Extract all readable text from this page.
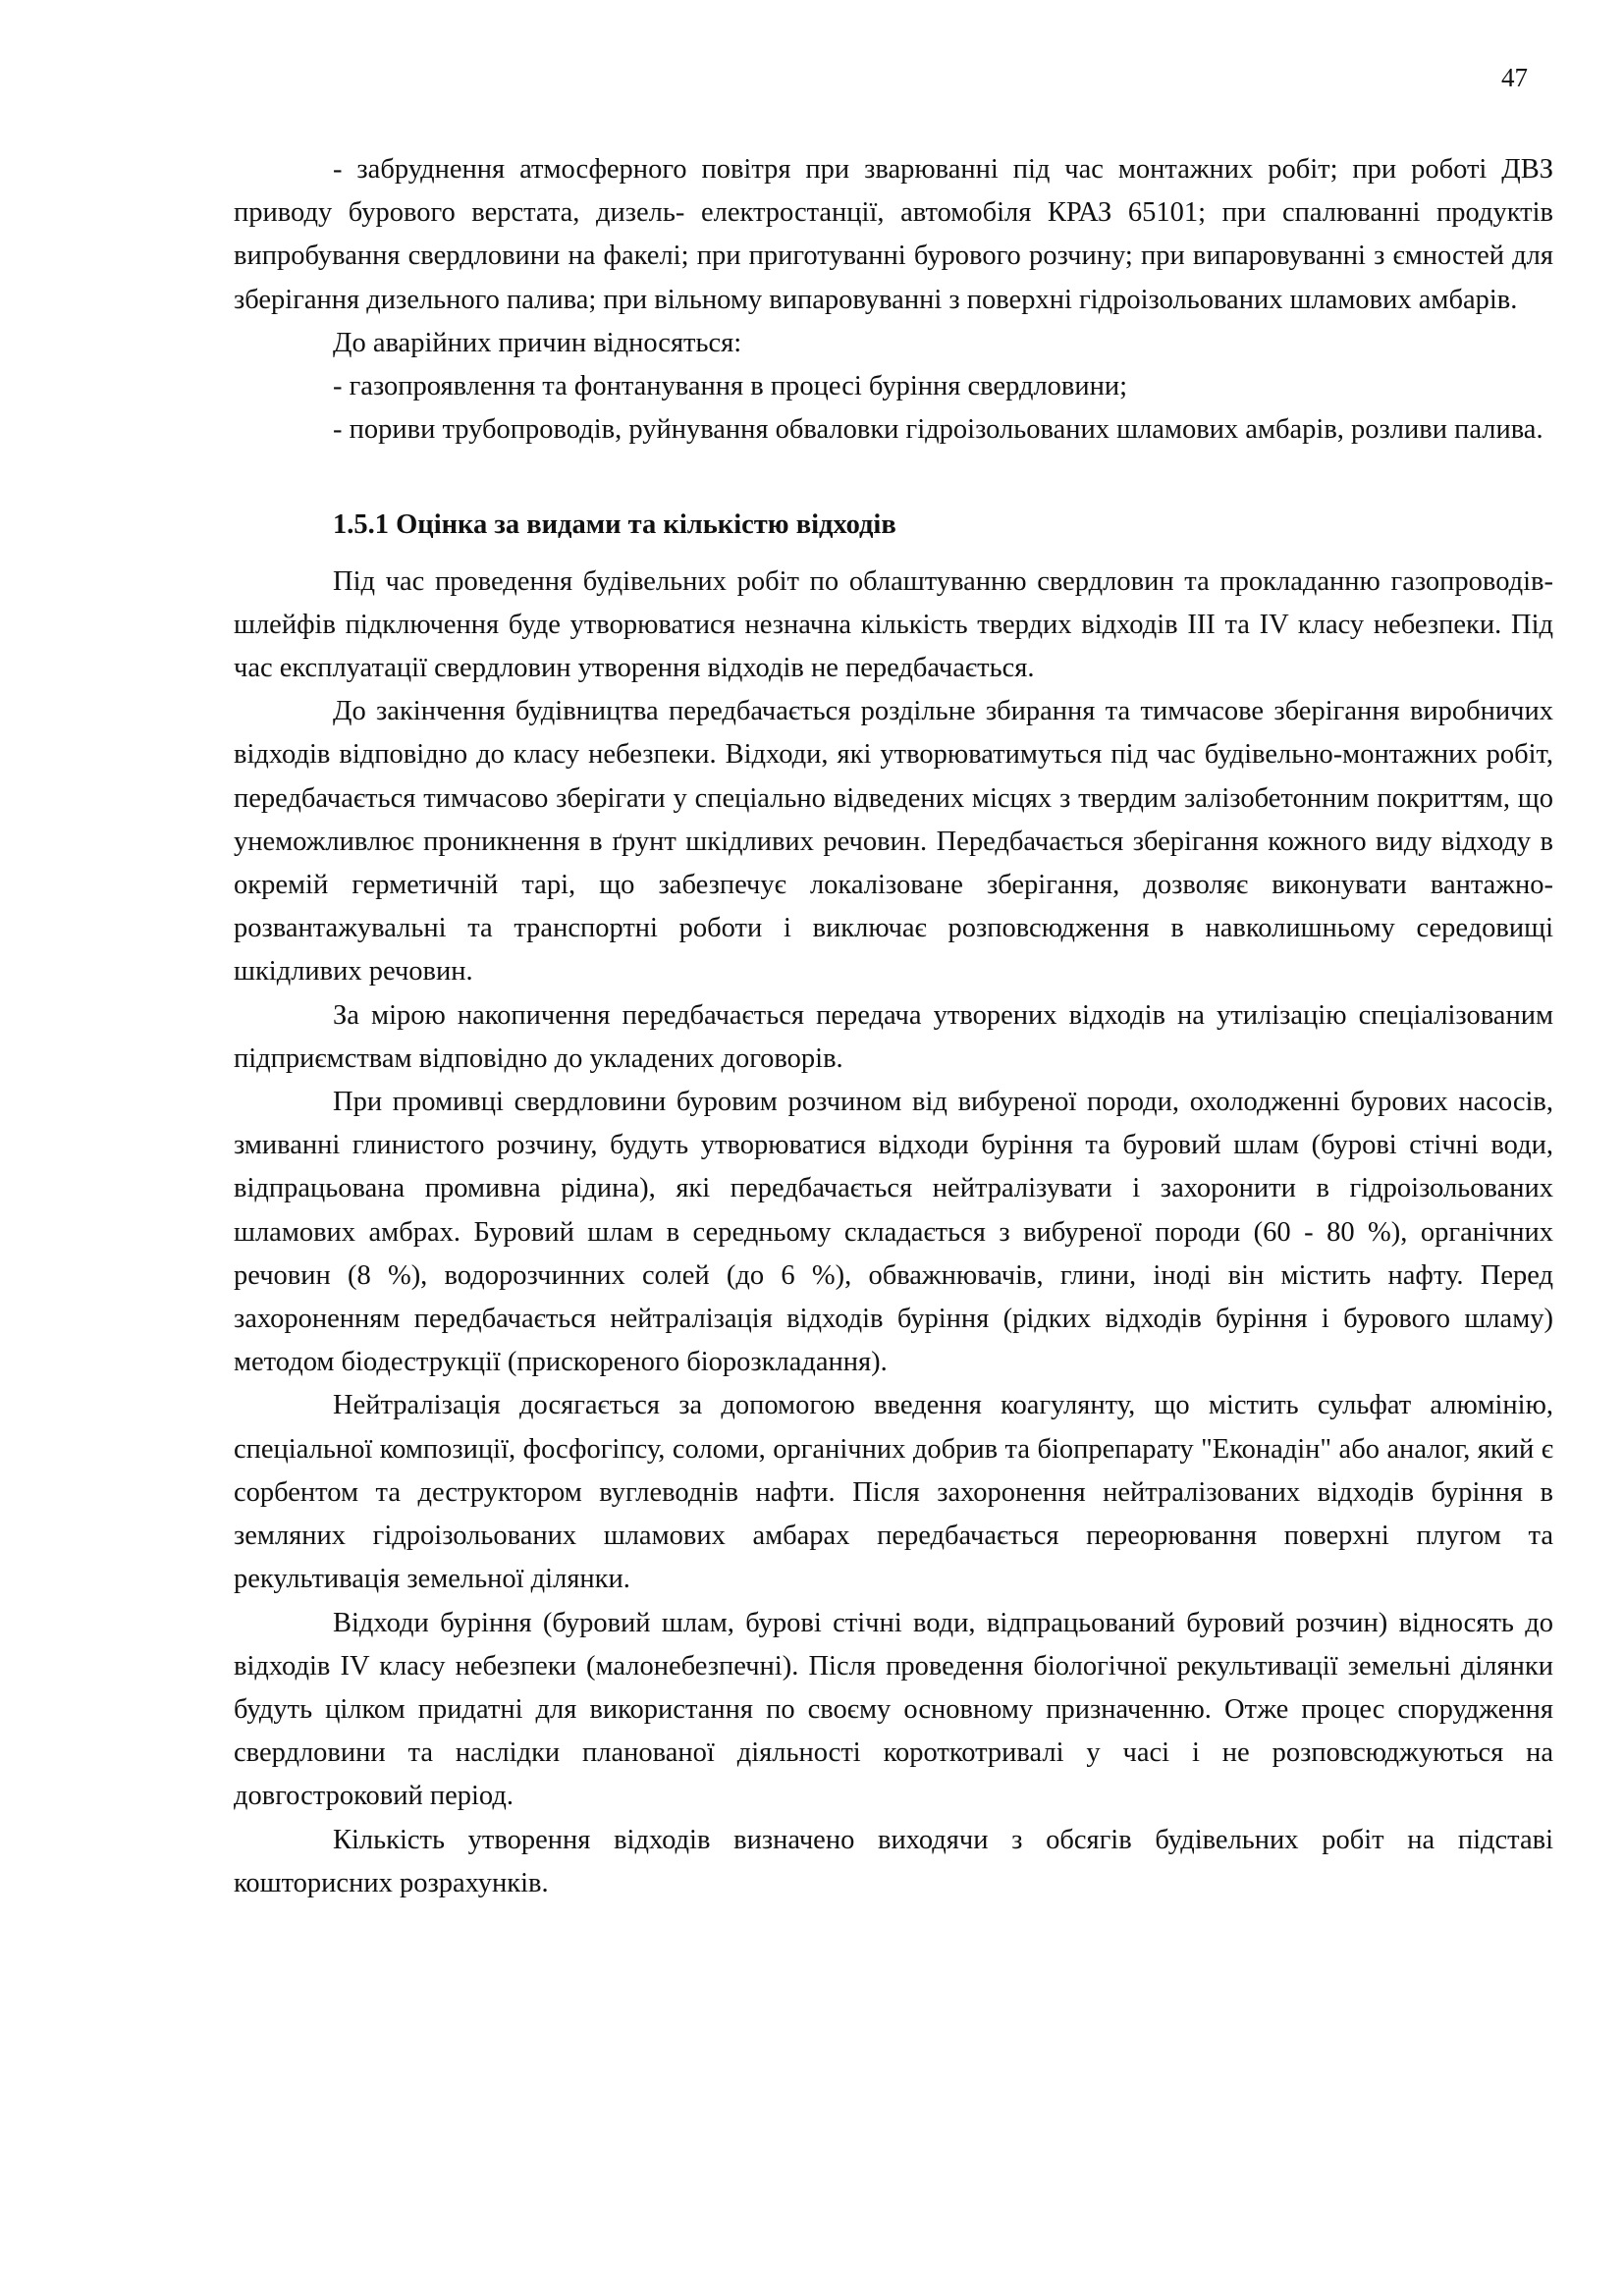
47

- забруднення атмосферного повітря при зварюванні під час монтажних робіт; при роботі ДВЗ приводу бурового верстата, дизель- електростанції, автомобіля КРАЗ 65101; при спалюванні продуктів випробування свердловини на факелі; при приготуванні бурового розчину; при випаровуванні з ємностей для зберігання дизельного палива; при вільному випаровуванні з поверхні гідроізольованих шламових амбарів.

До аварійних причин відносяться:

- газопроявлення та фонтанування в процесі буріння свердловини;

- пориви трубопроводів, руйнування обваловки гідроізольованих шламових амбарів, розливи палива.

1.5.1 Оцінка за видами та кількістю відходів

Під час проведення будівельних робіт по облаштуванню свердловин та прокладанню газопроводів-шлейфів підключення буде утворюватися незначна кількість твердих відходів III та IV класу небезпеки. Під час експлуатації свердловин утворення відходів не передбачається.

До закінчення будівництва передбачається роздільне збирання та тимчасове зберігання виробничих відходів відповідно до класу небезпеки. Відходи, які утворюватимуться під час будівельно-монтажних робіт, передбачається тимчасово зберігати у спеціально відведених місцях з твердим залізобетонним покриттям, що унеможливлює проникнення в ґрунт шкідливих речовин. Передбачається зберігання кожного виду відходу в окремій герметичній тарі, що забезпечує локалізоване зберігання, дозволяє виконувати вантажно-розвантажувальні та транспортні роботи і виключає розповсюдження в навколишньому середовищі шкідливих речовин.

За мірою накопичення передбачається передача утворених відходів на утилізацію спеціалізованим підприємствам відповідно до укладених договорів.

При промивці свердловини буровим розчином від вибуреної породи, охолодженні бурових насосів, змиванні глинистого розчину, будуть утворюватися відходи буріння та буровий шлам (бурові стічні води, відпрацьована промивна рідина), які передбачається нейтралізувати і захоронити в гідроізольованих шламових амбрах. Буровий шлам в середньому складається з вибуреної породи (60 - 80 %), органічних речовин (8 %), водорозчинних солей (до 6 %), обважнювачів, глини, іноді він містить нафту. Перед захороненням передбачається нейтралізація відходів буріння (рідких відходів буріння і бурового шламу) методом біодеструкції (прискореного біорозкладання).

Нейтралізація досягається за допомогою введення коагулянту, що містить сульфат алюмінію, спеціальної композиції, фосфогіпсу, соломи, органічних добрив та біопрепарату "Еконадін" або аналог, який є сорбентом та деструктором вуглеводнів нафти. Після захоронення нейтралізованих відходів буріння в земляних гідроізольованих шламових амбарах передбачається переорювання поверхні плугом та рекультивація земельної ділянки.

Відходи буріння (буровий шлам, бурові стічні води, відпрацьований буровий розчин) відносять до відходів IV класу небезпеки (малонебезпечні). Після проведення біологічної рекультивації земельні ділянки будуть цілком придатні для використання по своєму основному призначенню. Отже процес спорудження свердловини та наслідки планованої діяльності короткотривалі у часі і не розповсюджуються на довгостроковий період.

Кількість утворення відходів визначено виходячи з обсягів будівельних робіт на підставі кошторисних розрахунків.
